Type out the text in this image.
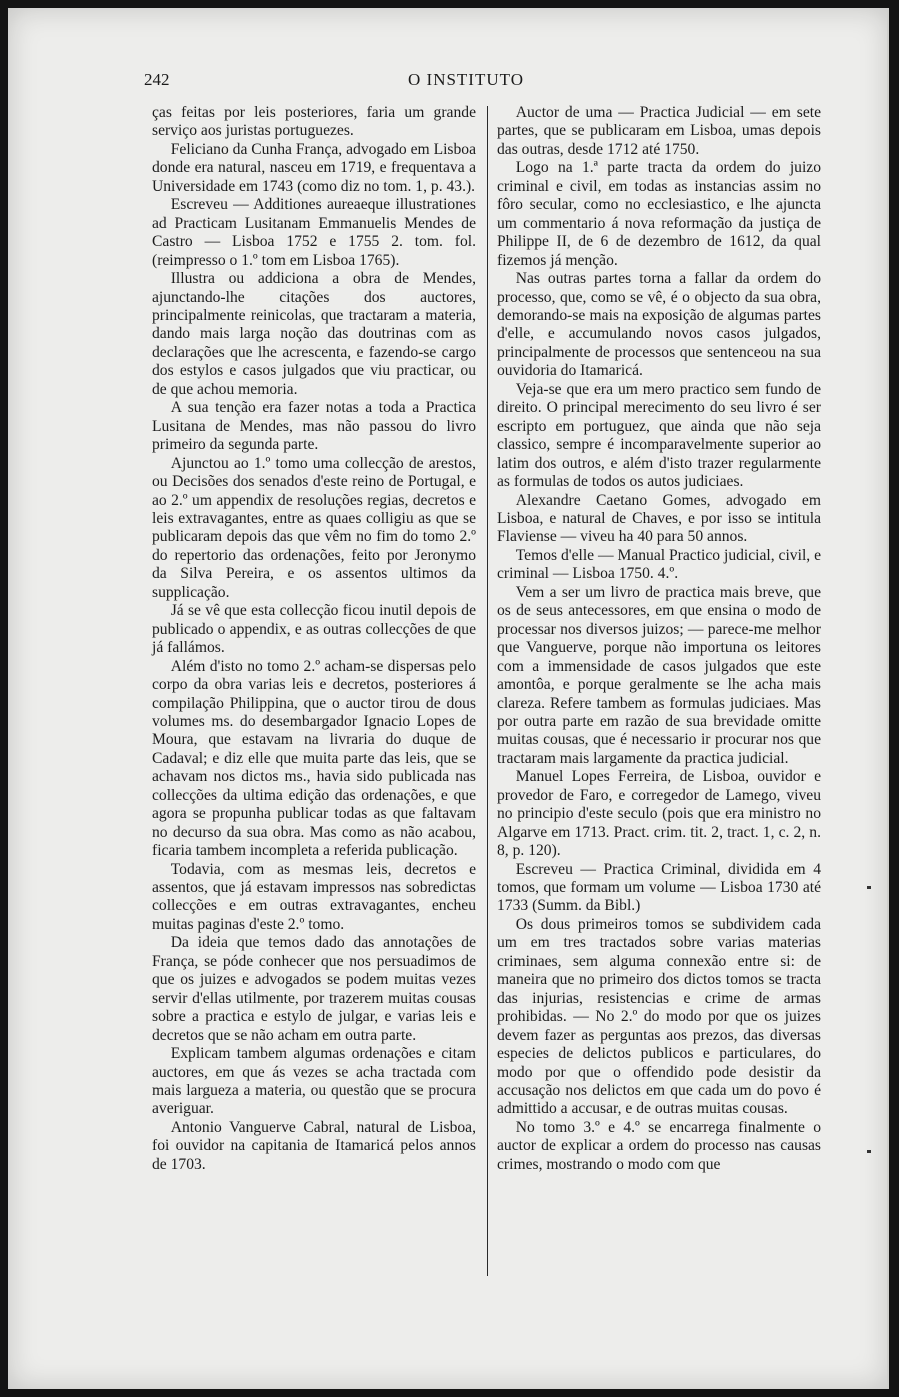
242	O INSTITUTO

ças feitas por leis posteriores, faria um grande serviço aos juristas portuguezes.

Feliciano da Cunha França, advogado em Lisboa donde era natural, nasceu em 1719, e frequentava a Universidade em 1743 (como diz no tom. 1, p. 43.).

Escreveu — Additiones aureaeque illustrationes ad Practicam Lusitanam Emmanuelis Mendes de Castro — Lisboa 1752 e 1755 2. tom. fol. (reimpresso o 1.º tom em Lisboa 1765).

Illustra ou addiciona a obra de Mendes, ajunctando-lhe citações dos auctores, principalmente reinicolas, que tractaram a materia, dando mais larga noção das doutrinas com as declarações que lhe acrescenta, e fazendo-se cargo dos estylos e casos julgados que viu practicar, ou de que achou memoria.

A sua tenção era fazer notas a toda a Practica Lusitana de Mendes, mas não passou do livro primeiro da segunda parte.

Ajunctou ao 1.º tomo uma collecção de arestos, ou Decisões dos senados d'este reino de Portugal, e ao 2.º um appendix de resoluções regias, decretos e leis extravagantes, entre as quaes colligiu as que se publicaram depois das que vêm no fim do tomo 2.º do repertorio das ordenações, feito por Jeronymo da Silva Pereira, e os assentos ultimos da supplicação.

Já se vê que esta collecção ficou inutil depois de publicado o appendix, e as outras collecções de que já fallámos.

Além d'isto no tomo 2.º acham-se dispersas pelo corpo da obra varias leis e decretos, posteriores á compilação Philippina, que o auctor tirou de dous volumes ms. do desembargador Ignacio Lopes de Moura, que estavam na livraria do duque de Cadaval; e diz elle que muita parte das leis, que se achavam nos dictos ms., havia sido publicada nas collecções da ultima edição das ordenações, e que agora se propunha publicar todas as que faltavam no decurso da sua obra. Mas como as não acabou, ficaria tambem incompleta a referida publicação.

Todavia, com as mesmas leis, decretos e assentos, que já estavam impressos nas sobredictas collecções e em outras extravagantes, encheu muitas paginas d'este 2.º tomo.

Da ideia que temos dado das annotações de França, se póde conhecer que nos persuadimos de que os juizes e advogados se podem muitas vezes servir d'ellas utilmente, por trazerem muitas cousas sobre a practica e estylo de julgar, e varias leis e decretos que se não acham em outra parte.

Explicam tambem algumas ordenações e citam auctores, em que ás vezes se acha tractada com mais largueza a materia, ou questão que se procura averiguar.

Antonio Vanguerve Cabral, natural de Lisboa, foi ouvidor na capitania de Itamaricá pelos annos de 1703.

Auctor de uma — Practica Judicial — em sete partes, que se publicaram em Lisboa, umas depois das outras, desde 1712 até 1750.

Logo na 1.ª parte tracta da ordem do juizo criminal e civil, em todas as instancias assim no fôro secular, como no ecclesiastico, e lhe ajuncta um commentario á nova reformação da justiça de Philippe II, de 6 de dezembro de 1612, da qual fizemos já menção.

Nas outras partes torna a fallar da ordem do processo, que, como se vê, é o objecto da sua obra, demorando-se mais na exposição de algumas partes d'elle, e accumulando novos casos julgados, principalmente de processos que sentenceou na sua ouvidoria do Itamaricá.

Veja-se que era um mero practico sem fundo de direito. O principal merecimento do seu livro é ser escripto em portuguez, que ainda que não seja classico, sempre é incomparavelmente superior ao latim dos outros, e além d'isto trazer regularmente as formulas de todos os autos judiciaes.

Alexandre Caetano Gomes, advogado em Lisboa, e natural de Chaves, e por isso se intitula Flaviense — viveu ha 40 para 50 annos.

Temos d'elle — Manual Practico judicial, civil, e criminal — Lisboa 1750. 4.º.

Vem a ser um livro de practica mais breve, que os de seus antecessores, em que ensina o modo de processar nos diversos juizos; — parece-me melhor que Vanguerve, porque não importuna os leitores com a immensidade de casos julgados que este amontôa, e porque geralmente se lhe acha mais clareza. Refere tambem as formulas judiciaes. Mas por outra parte em razão de sua brevidade omitte muitas cousas, que é necessario ir procurar nos que tractaram mais largamente da practica judicial.

Manuel Lopes Ferreira, de Lisboa, ouvidor e provedor de Faro, e corregedor de Lamego, viveu no principio d'este seculo (pois que era ministro no Algarve em 1713. Pract. crim. tit. 2, tract. 1, c. 2, n. 8, p. 120).

Escreveu — Practica Criminal, dividida em 4 tomos, que formam um volume — Lisboa 1730 até 1733 (Summ. da Bibl.)

Os dous primeiros tomos se subdividem cada um em tres tractados sobre varias materias criminaes, sem alguma connexão entre si: de maneira que no primeiro dos dictos tomos se tracta das injurias, resistencias e crime de armas prohibidas. — No 2.º do modo por que os juizes devem fazer as perguntas aos prezos, das diversas especies de delictos publicos e particulares, do modo por que o offendido pode desistir da accusação nos delictos em que cada um do povo é admittido a accusar, e de outras muitas cousas.

No tomo 3.º e 4.º se encarrega finalmente o auctor de explicar a ordem do processo nas causas crimes, mostrando o modo com que
